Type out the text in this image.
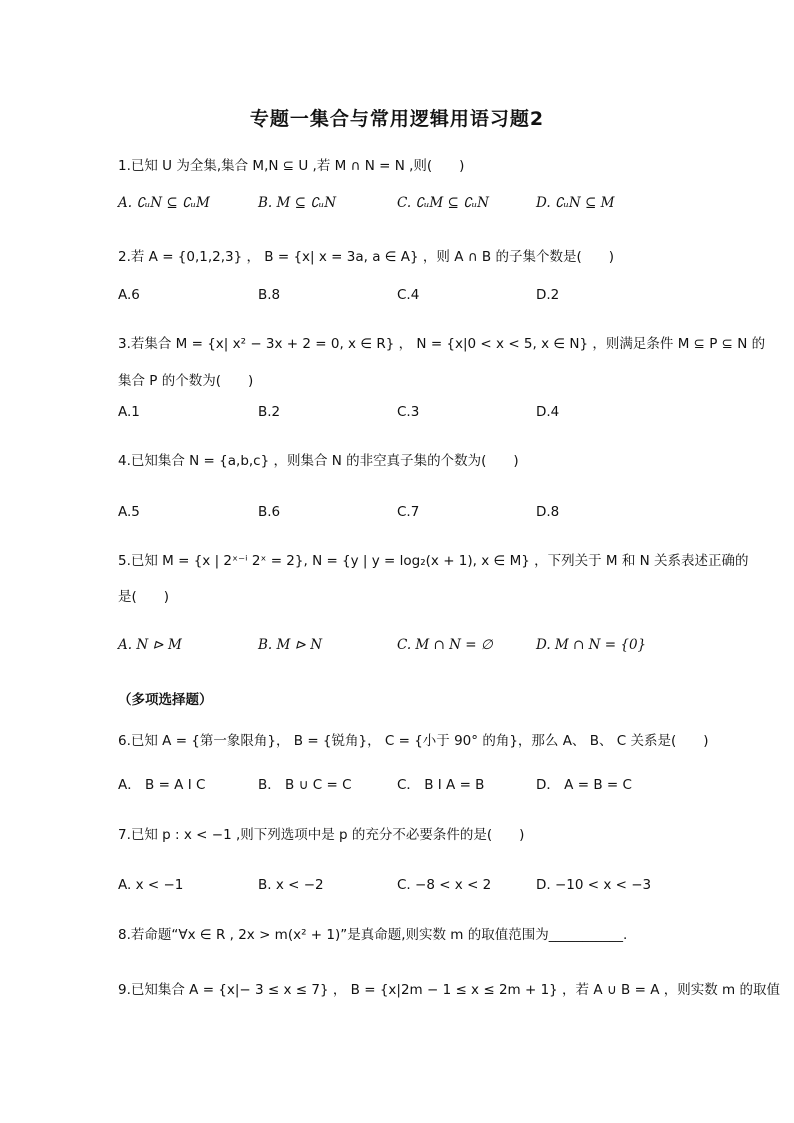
专题一集合与常用逻辑用语习题2
1.已知 U 为全集,集合 M,N ⊆ U ,若 M ∩ N = N ,则(　　)
A. ∁ᵤN ⊆ ∁ᵤM	B. M ⊆ ∁ᵤN	C. ∁ᵤM ⊆ ∁ᵤN	D. ∁ᵤN ⊆ M
2.若 A = {0,1,2,3} ， B = {x| x = 3a, a ∈ A} ，则 A ∩ B 的子集个数是(　　)
A.6	B.8	C.4	D.2
3.若集合 M = {x| x² − 3x + 2 = 0, x ∈ R} ， N = {x|0 < x < 5, x ∈ N} ，则满足条件 M ⊆ P ⊆ N 的
集合 P 的个数为(　　)
A.1	B.2	C.3	D.4
4.已知集合 N = {a,b,c} ，则集合 N 的非空真子集的个数为(　　)
A.5	B.6	C.7	D.8
5.已知 M = {x | 2ˣ⁻ⁱ 2ˣ = 2}, N = {y | y = log₂(x + 1), x ∈ M} ，下列关于 M 和 N 关系表述正确的
是(　　)
A. N ⊳ M	B. M ⊳ N	C. M ∩ N = ∅	D. M ∩ N = {0}
（多项选择题）
6.已知 A = {第一象限角}， B = {锐角}， C = {小于 90° 的角}，那么 A、 B、 C 关系是(　　)
A． B = A I C	B． B ∪ C = C	C． B I A = B	D． A = B = C
7.已知 p : x < −1 ,则下列选项中是 p 的充分不必要条件的是(　　)
A. x < −1	B. x < −2	C. −8 < x < 2	D. −10 < x < −3
8.若命题“∀x ∈ R , 2x > m(x² + 1)”是真命题,则实数 m 的取值范围为___________.
9.已知集合 A = {x|− 3 ≤ x ≤ 7} ， B = {x|2m − 1 ≤ x ≤ 2m + 1} ，若 A ∪ B = A ，则实数 m 的取值
